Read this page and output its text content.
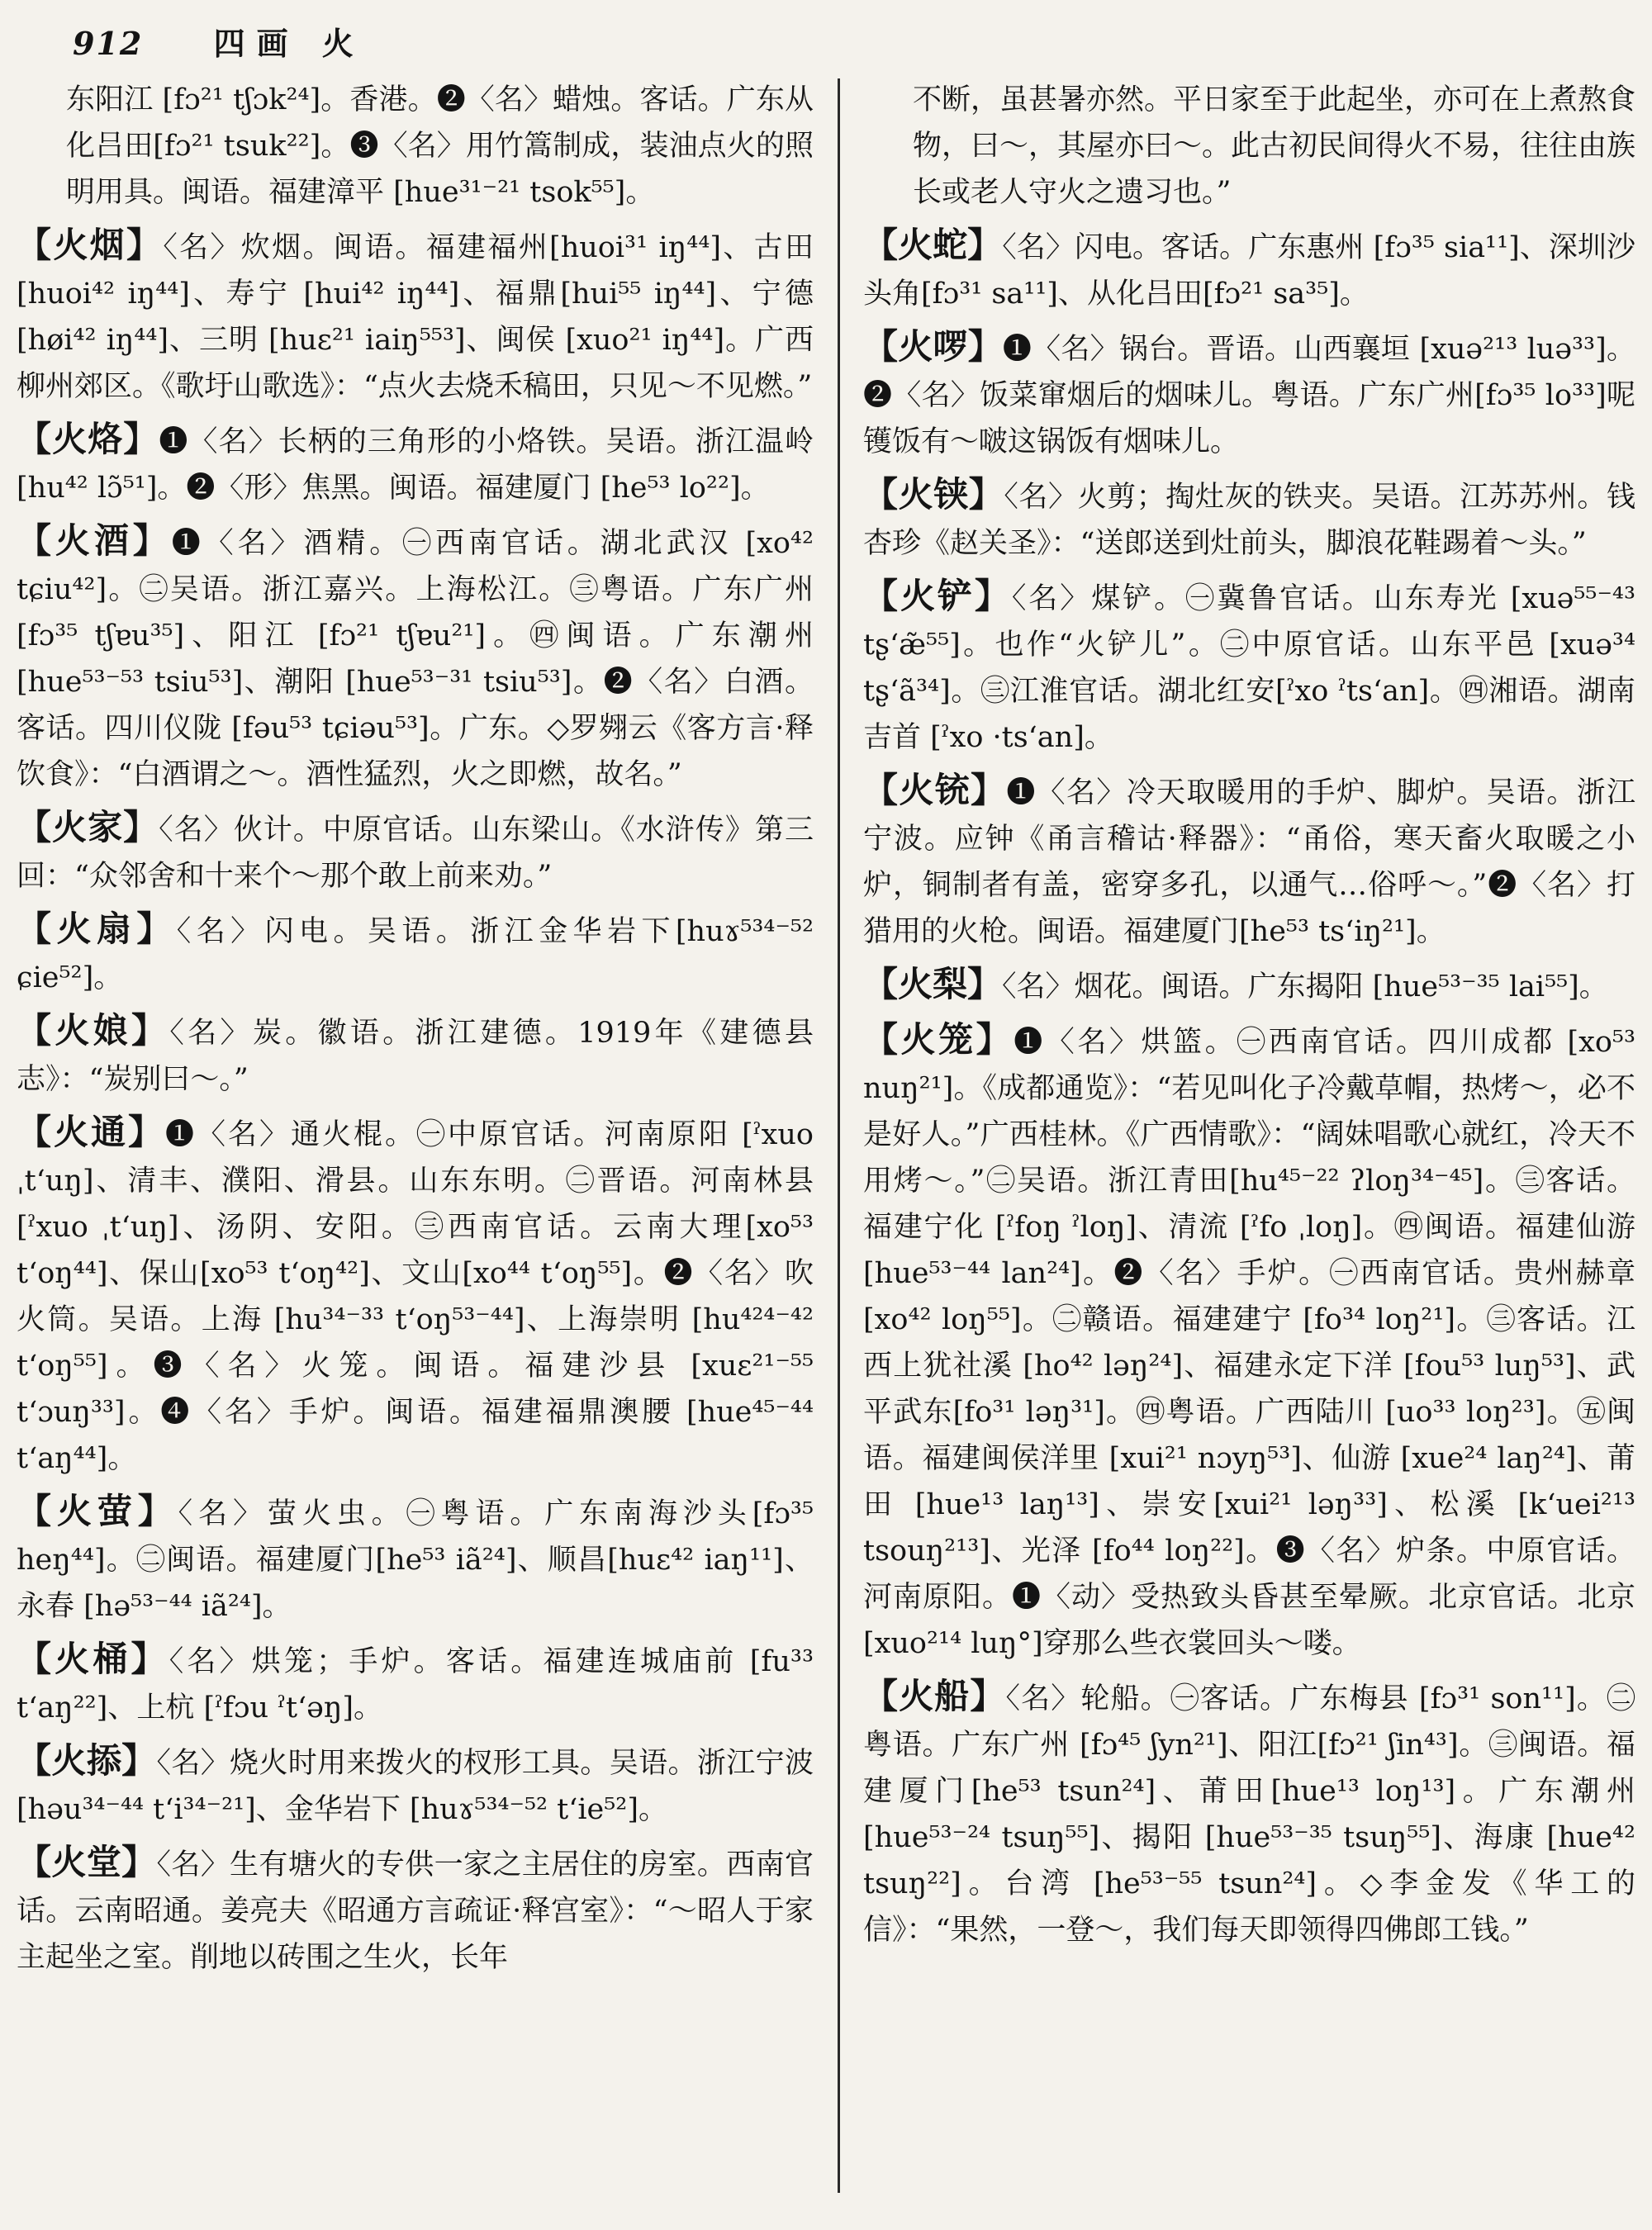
912 四画 火

东阳江 [fɔ²¹ tʃɔk²⁴]。香港。❷〈名〉蜡烛。客话。广东从化吕田[fɔ²¹ tsuk²²]。❸〈名〉用竹篙制成，装油点火的照明用具。闽语。福建漳平 [hue³¹⁻²¹ tsok⁵⁵]。

【火烟】〈名〉炊烟。闽语。福建福州[huoi³¹ iŋ⁴⁴]、古田 [huoi⁴² iŋ⁴⁴]、寿宁 [hui⁴² iŋ⁴⁴]、福鼎[hui⁵⁵ iŋ⁴⁴]、宁德 [høi⁴² iŋ⁴⁴]、三明 [huɛ²¹ iaiŋ⁵⁵³]、闽侯 [xuo²¹ iŋ⁴⁴]。广西柳州郊区。《歌圩山歌选》：“点火去烧禾稿田，只见～不见燃。”

【火烙】❶〈名〉长柄的三角形的小烙铁。吴语。浙江温岭[hu⁴² lɔ̃⁵¹]。❷〈形〉焦黑。闽语。福建厦门 [he⁵³ lo²²]。

【火酒】❶〈名〉酒精。㊀西南官话。湖北武汉 [xo⁴² tɕiu⁴²]。㊁吴语。浙江嘉兴。上海松江。㊂粤语。广东广州[fɔ³⁵ tʃɐu³⁵]、阳江 [fɔ²¹ tʃɐu²¹]。㊃闽语。广东潮州 [hue⁵³⁻⁵³ tsiu⁵³]、潮阳 [hue⁵³⁻³¹ tsiu⁵³]。❷〈名〉白酒。客话。四川仪陇 [fəu⁵³ tɕiəu⁵³]。广东。◇罗翙云《客方言·释饮食》：“白酒谓之～。酒性猛烈，火之即燃，故名。”

【火家】〈名〉伙计。中原官话。山东梁山。《水浒传》第三回：“众邻舍和十来个～那个敢上前来劝。”

【火扇】〈名〉闪电。吴语。浙江金华岩下[huɤ⁵³⁴⁻⁵² ɕie⁵²]。

【火娘】〈名〉炭。徽语。浙江建德。1919年《建德县志》：“炭别曰～。”

【火通】❶〈名〉通火棍。㊀中原官话。河南原阳 [ˀxuo ˌt‘uŋ]、清丰、濮阳、滑县。山东东明。㊁晋语。河南林县[ˀxuo ˌt‘uŋ]、汤阴、安阳。㊂西南官话。云南大理[xo⁵³ t‘oŋ⁴⁴]、保山[xo⁵³ t‘oŋ⁴²]、文山[xo⁴⁴ t‘oŋ⁵⁵]。❷〈名〉吹火筒。吴语。上海 [hu³⁴⁻³³ t‘oŋ⁵³⁻⁴⁴]、上海崇明 [hu⁴²⁴⁻⁴² t‘oŋ⁵⁵]。❸〈名〉火笼。闽语。福建沙县 [xuɛ²¹⁻⁵⁵ t‘ɔuŋ³³]。❹〈名〉手炉。闽语。福建福鼎澳腰 [hue⁴⁵⁻⁴⁴ t‘aŋ⁴⁴]。

【火萤】〈名〉萤火虫。㊀粤语。广东南海沙头[fɔ³⁵ heŋ⁴⁴]。㊁闽语。福建厦门[he⁵³ iã²⁴]、顺昌[huɛ⁴² iaŋ¹¹]、永春 [hə⁵³⁻⁴⁴ iã²⁴]。

【火桶】〈名〉烘笼；手炉。客话。福建连城庙前 [fu³³ t‘aŋ²²]、上杭 [ˀfɔu ˀt‘əŋ]。

【火掭】〈名〉烧火时用来拨火的杈形工具。吴语。浙江宁波 [həu³⁴⁻⁴⁴ t‘i³⁴⁻²¹]、金华岩下 [huɤ⁵³⁴⁻⁵² t‘ie⁵²]。

【火堂】〈名〉生有塘火的专供一家之主居住的房室。西南官话。云南昭通。姜亮夫《昭通方言疏证·释宫室》：“～昭人于家主起坐之室。削地以砖围之生火，长年

不断，虽甚暑亦然。平日家至于此起坐，亦可在上煮熬食物，曰～，其屋亦曰～。此古初民间得火不易，往往由族长或老人守火之遗习也。”

【火蛇】〈名〉闪电。客话。广东惠州 [fɔ³⁵ sia¹¹]、深圳沙头角[fɔ³¹ sa¹¹]、从化吕田[fɔ²¹ sa³⁵]。

【火啰】❶〈名〉锅台。晋语。山西襄垣 [xuə²¹³ luə³³]。❷〈名〉饭菜窜烟后的烟味儿。粤语。广东广州[fɔ³⁵ lo³³]呢镬饭有～啵这锅饭有烟味儿。

【火铗】〈名〉火剪；掏灶灰的铁夹。吴语。江苏苏州。钱杏珍《赵关圣》：“送郎送到灶前头，脚浪花鞋踢着～头。”

【火铲】〈名〉煤铲。㊀冀鲁官话。山东寿光 [xuə⁵⁵⁻⁴³ tʂ‘æ̃⁵⁵]。也作“火铲儿”。㊁中原官话。山东平邑 [xuə³⁴ tʂ‘ã³⁴]。㊂江淮官话。湖北红安[ˀxo ˀts‘an]。㊃湘语。湖南吉首 [ˀxo ·ts‘an]。

【火铳】❶〈名〉冷天取暖用的手炉、脚炉。吴语。浙江宁波。应钟《甬言稽诂·释器》：“甬俗，寒天畜火取暖之小炉，铜制者有盖，密穿多孔，以通气…俗呼～。”❷〈名〉打猎用的火枪。闽语。福建厦门[he⁵³ ts‘iŋ²¹]。

【火梨】〈名〉烟花。闽语。广东揭阳 [hue⁵³⁻³⁵ lai⁵⁵]。

【火笼】❶〈名〉烘篮。㊀西南官话。四川成都 [xo⁵³ nuŋ²¹]。《成都通览》：“若见叫化子冷戴草帽，热烤～，必不是好人。”广西桂林。《广西情歌》：“阔妹唱歌心就红，冷天不用烤～。”㊁吴语。浙江青田[hu⁴⁵⁻²² ʔloŋ³⁴⁻⁴⁵]。㊂客话。福建宁化 [ˀfoŋ ˀloŋ]、清流 [ˀfo ˌloŋ]。㊃闽语。福建仙游 [hue⁵³⁻⁴⁴ lan²⁴]。❷〈名〉手炉。㊀西南官话。贵州赫章 [xo⁴² loŋ⁵⁵]。㊁赣语。福建建宁 [fo³⁴ loŋ²¹]。㊂客话。江西上犹社溪 [ho⁴² ləŋ²⁴]、福建永定下洋 [fou⁵³ luŋ⁵³]、武平武东[fo³¹ ləŋ³¹]。㊃粤语。广西陆川 [uo³³ loŋ²³]。㊄闽语。福建闽侯洋里 [xui²¹ nɔyŋ⁵³]、仙游 [xue²⁴ laŋ²⁴]、莆田 [hue¹³ laŋ¹³]、崇安[xui²¹ ləŋ³³]、松溪 [k‘uei²¹³ tsouŋ²¹³]、光泽 [fo⁴⁴ loŋ²²]。❸〈名〉炉条。中原官话。河南原阳。❶〈动〉受热致头昏甚至晕厥。北京官话。北京 [xuo²¹⁴ luŋ°]穿那么些衣裳回头～喽。

【火船】〈名〉轮船。㊀客话。广东梅县 [fɔ³¹ son¹¹]。㊁粤语。广东广州 [fɔ⁴⁵ ʃyn²¹]、阳江[fɔ²¹ ʃin⁴³]。㊂闽语。福建厦门[he⁵³ tsun²⁴]、莆田[hue¹³ loŋ¹³]。广东潮州 [hue⁵³⁻²⁴ tsuŋ⁵⁵]、揭阳 [hue⁵³⁻³⁵ tsuŋ⁵⁵]、海康 [hue⁴² tsuŋ²²]。台湾 [he⁵³⁻⁵⁵ tsun²⁴]。◇李金发《华工的信》：“果然，一登～，我们每天即领得四佛郎工钱。”
